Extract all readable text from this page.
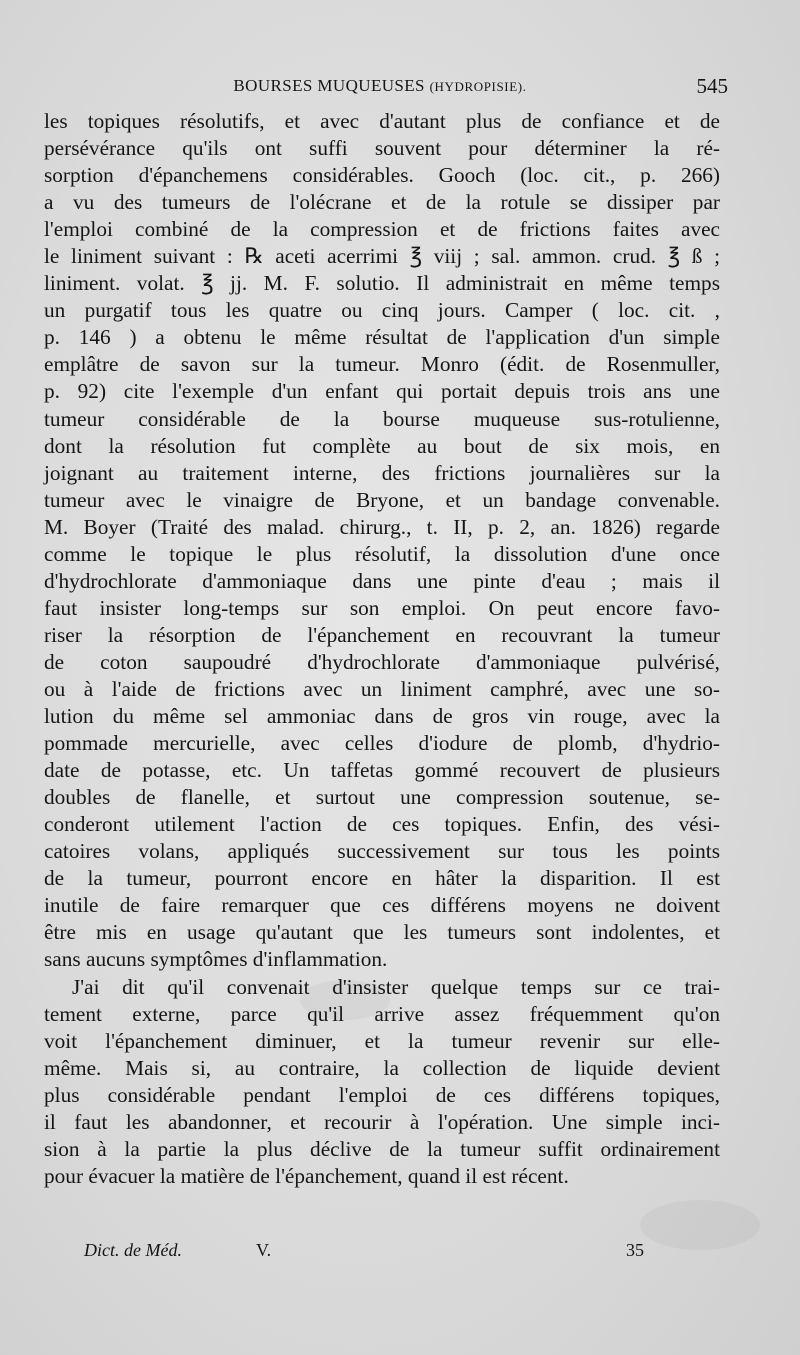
BOURSES MUQUEUSES (HYDROPISIE).	545
les topiques résolutifs, et avec d'autant plus de confiance et de
persévérance qu'ils ont suffi souvent pour déterminer la ré-
sorption d'épanchemens considérables. Gooch (loc. cit., p. 266)
a vu des tumeurs de l'olécrane et de la rotule se dissiper par
l'emploi combiné de la compression et de frictions faites avec
le liniment suivant : ℞ aceti acerrimi ℥ viij ; sal. ammon. crud. ℥ ß ;
liniment. volat. ℥ jj. M. F. solutio. Il administrait en même temps
un purgatif tous les quatre ou cinq jours. Camper ( loc. cit. ,
p. 146 ) a obtenu le même résultat de l'application d'un simple
emplâtre de savon sur la tumeur. Monro (édit. de Rosenmuller,
p. 92) cite l'exemple d'un enfant qui portait depuis trois ans une
tumeur considérable de la bourse muqueuse sus-rotulienne,
dont la résolution fut complète au bout de six mois, en
joignant au traitement interne, des frictions journalières sur la
tumeur avec le vinaigre de Bryone, et un bandage convenable.
M. Boyer (Traité des malad. chirurg., t. II, p. 2, an. 1826) regarde
comme le topique le plus résolutif, la dissolution d'une once
d'hydrochlorate d'ammoniaque dans une pinte d'eau ; mais il
faut insister long-temps sur son emploi. On peut encore favo-
riser la résorption de l'épanchement en recouvrant la tumeur
de coton saupoudré d'hydrochlorate d'ammoniaque pulvérisé,
ou à l'aide de frictions avec un liniment camphré, avec une so-
lution du même sel ammoniac dans de gros vin rouge, avec la
pommade mercurielle, avec celles d'iodure de plomb, d'hydrio-
date de potasse, etc. Un taffetas gommé recouvert de plusieurs
doubles de flanelle, et surtout une compression soutenue, se-
conderont utilement l'action de ces topiques. Enfin, des vési-
catoires volans, appliqués successivement sur tous les points
de la tumeur, pourront encore en hâter la disparition. Il est
inutile de faire remarquer que ces différens moyens ne doivent
être mis en usage qu'autant que les tumeurs sont indolentes, et
sans aucuns symptômes d'inflammation.
J'ai dit qu'il convenait d'insister quelque temps sur ce trai-
tement externe, parce qu'il arrive assez fréquemment qu'on
voit l'épanchement diminuer, et la tumeur revenir sur elle-
même. Mais si, au contraire, la collection de liquide devient
plus considérable pendant l'emploi de ces différens topiques,
il faut les abandonner, et recourir à l'opération. Une simple inci-
sion à la partie la plus déclive de la tumeur suffit ordinairement
pour évacuer la matière de l'épanchement, quand il est récent.
Dict. de Méd.	V.	35
